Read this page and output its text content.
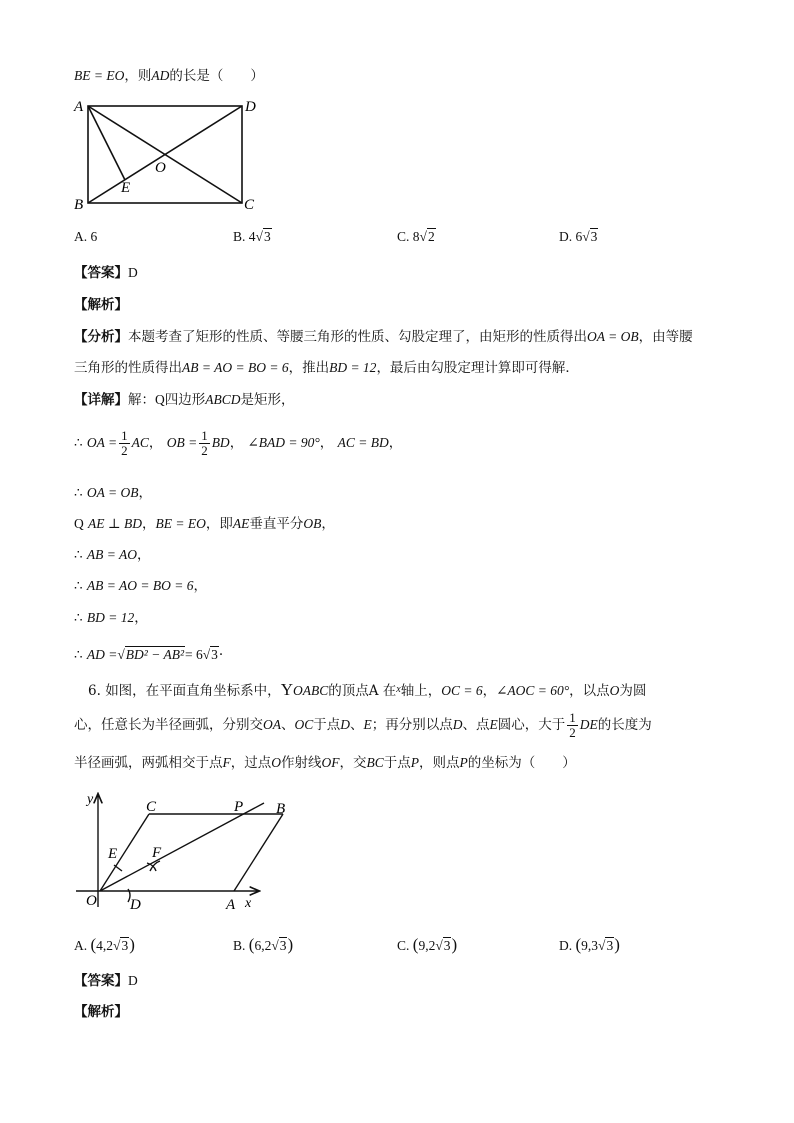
BE = EO，则AD的长是（　　）
A	D
B	C
O
E
A. 6	B. 4√3	C. 8√2	D. 6√3
【答案】D
【解析】
【分析】本题考查了矩形的性质、等腰三角形的性质、勾股定理了，由矩形的性质得出OA = OB，由等腰
三角形的性质得出AB = AO = BO = 6，推出BD = 12，最后由勾股定理计算即可得解．
【详解】解：Q四边形ABCD是矩形，
∴ OA = $\frac{1}{2}$ AC， OB = $\frac{1}{2}$ BD， ∠BAD = 90°， AC = BD，
∴ OA = OB，
Q AE ⊥ BD，BE = EO，即AE垂直平分OB，
∴ AB = AO，
∴ AB = AO = BO = 6，
∴ BD = 12，
∴ AD =√BD² − AB²= 6√3·
6. 如图，在平面直角坐标系中，YOABC的顶点A 在$^x$轴上，OC = 6，∠AOC = 60°，以点O为圆
心，任意长为半径画弧，分别交OA、OC于点D、E；再分别以点D、点E圆心，大于 $\frac{1}{2}$ DE的长度为
半径画弧，两弧相交于点F，过点O作射线OF，交BC于点P，则点P的坐标为（　　）
y
x
O	A
B
C	P
E F
D
A. (4,2√3)	B. (6,2√3)	C. (9,2√3)	D. (9,3√3)
【答案】D
【解析】
